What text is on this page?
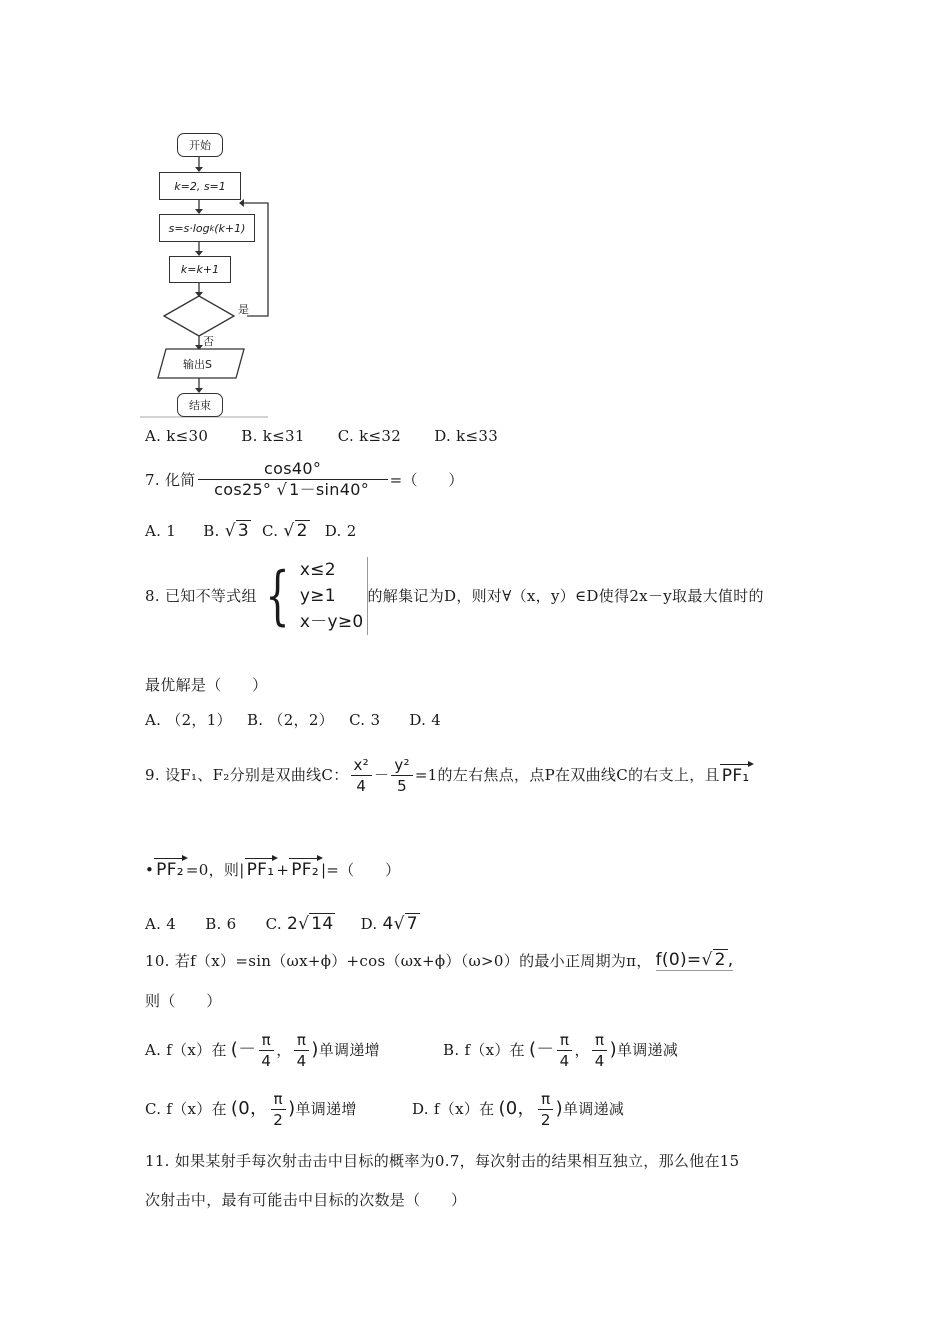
开始
k=2, s=1
s=s·log k (k+1)
k=k+1
是
否
输出S
结束
A. k≤30 B. k≤31 C. k≤32 D. k≤33
7. 化简 $\frac{\cos 40^\circ}{\cos 25^\circ √ 1-\sin 40^\circ}$ =（　　）
A. 1 B. √ 3 C. √ 2 D. 2
8. 已知不等式组 { x≤2
y≥1
x－y≥0
的解集记为D，则对∀（x，y）∈D使得2x－y取最大值时的
最优解是（　　）
A. （2，1） B. （2，2） C. 3 D. 4
9. 设F₁、F₂分别是双曲线C： $\frac{\text{x²}}{4} - \frac{\text{y²}}{5} =1$的左右焦点，点P在双曲线C的右支上，且 PF₁
• PF₂ =0，则| PF₁ + PF₂ |=（　　）
A. 4 B. 6 C. 2√ 14 D. 4√ 7
10. 若f（x）=sin（ωx+ϕ）+cos（ωx+ϕ）（ω>0）的最小正周期为π， f(0)=√ 2 ,
则（　　）
A. f（x）在 (－ $\frac{\pi}{4}$ ， $\frac{\pi}{4}$ ) 单调递增	B. f（x）在 (－ $\frac{\pi}{4}$ ， $\frac{\pi}{4}$ ) 单调递减
C. f（x）在 (0， $\frac{\pi}{2}$ ) 单调递增	D. f（x）在 (0， $\frac{\pi}{2}$ ) 单调递减
11. 如果某射手每次射击击中目标的概率为0.7，每次射击的结果相互独立，那么他在15
次射击中，最有可能击中目标的次数是（　　）
